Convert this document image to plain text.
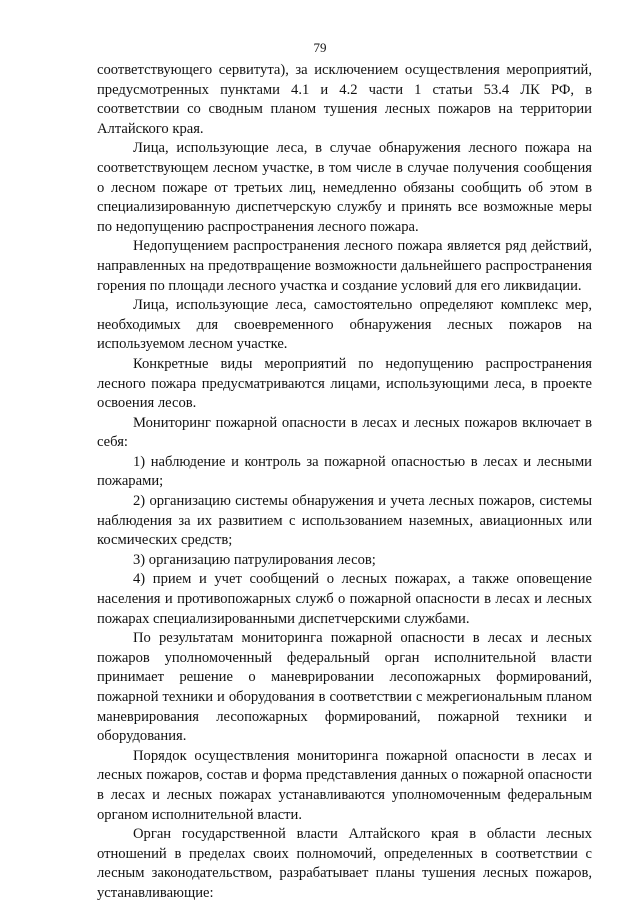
79

соответствующего сервитута), за исключением осуществления мероприятий, предусмотренных пунктами 4.1 и 4.2 части 1 статьи 53.4 ЛК РФ, в соответствии со сводным планом тушения лесных пожаров на территории Алтайского края.

Лица, использующие леса, в случае обнаружения лесного пожара на соответствующем лесном участке, в том числе в случае получения сообщения о лесном пожаре от третьих лиц, немедленно обязаны сообщить об этом в специализированную диспетчерскую службу и принять все возможные меры по недопущению распространения лесного пожара.

Недопущением распространения лесного пожара является ряд действий, направленных на предотвращение возможности дальнейшего распространения горения по площади лесного участка и создание условий для его ликвидации.

Лица, использующие леса, самостоятельно определяют комплекс мер, необходимых для своевременного обнаружения лесных пожаров на используемом лесном участке.

Конкретные виды мероприятий по недопущению распространения лесного пожара предусматриваются лицами, использующими леса, в проекте освоения лесов.

Мониторинг пожарной опасности в лесах и лесных пожаров включает в себя:

1) наблюдение и контроль за пожарной опасностью в лесах и лесными пожарами;

2) организацию системы обнаружения и учета лесных пожаров, системы наблюдения за их развитием с использованием наземных, авиационных или космических средств;

3) организацию патрулирования лесов;

4) прием и учет сообщений о лесных пожарах, а также оповещение населения и противопожарных служб о пожарной опасности в лесах и лесных пожарах специализированными диспетчерскими службами.

По результатам мониторинга пожарной опасности в лесах и лесных пожаров уполномоченный федеральный орган исполнительной власти принимает решение о маневрировании лесопожарных формирований, пожарной техники и оборудования в соответствии с межрегиональным планом маневрирования лесопожарных формирований, пожарной техники и оборудования.

Порядок осуществления мониторинга пожарной опасности в лесах и лесных пожаров, состав и форма представления данных о пожарной опасности в лесах и лесных пожарах устанавливаются уполномоченным федеральным органом исполнительной власти.

Орган государственной власти Алтайского края в области лесных отношений в пределах своих полномочий, определенных в соответствии с лесным законодательством, разрабатывает планы тушения лесных пожаров, устанавливающие:
